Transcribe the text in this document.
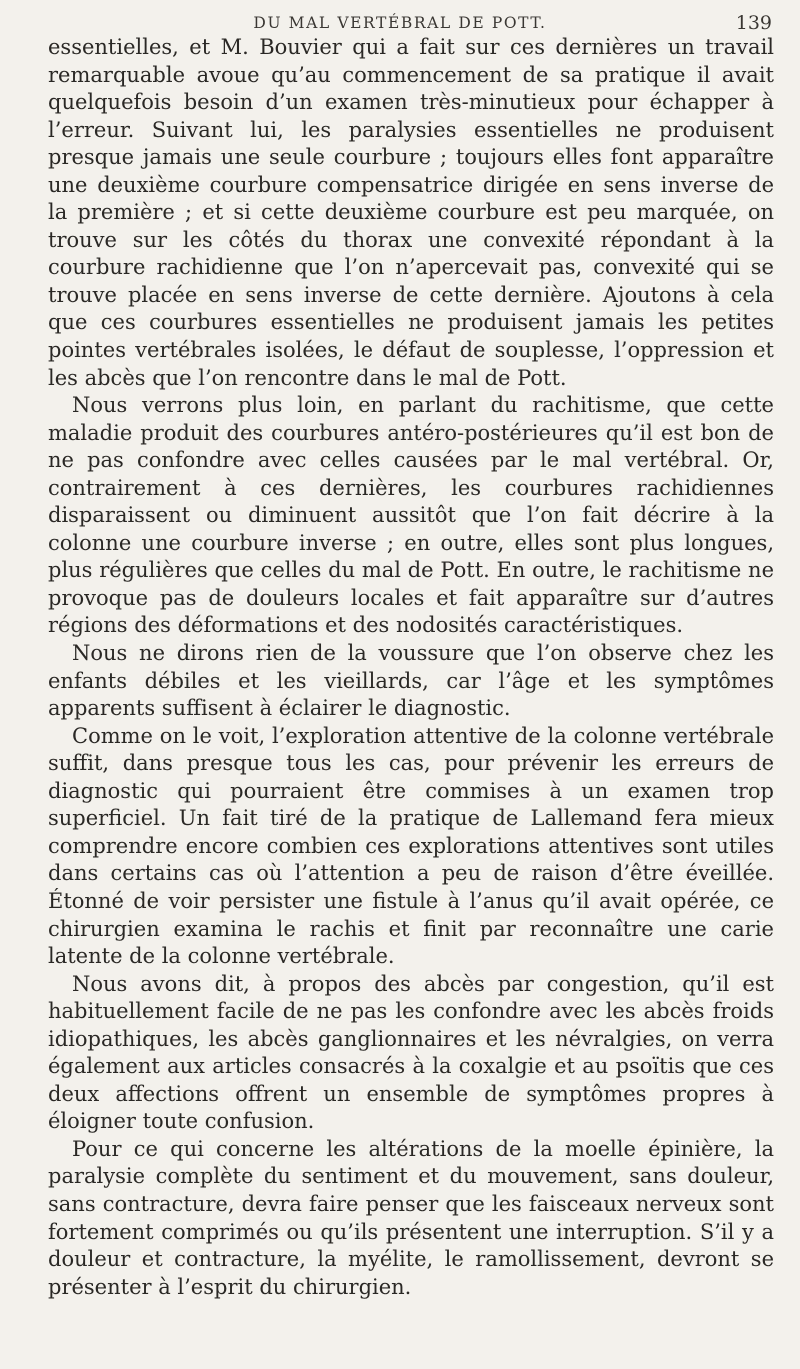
DU MAL VERTÉBRAL DE POTT.	139

essentielles, et M. Bouvier qui a fait sur ces dernières un travail remarquable avoue qu’au commencement de sa pratique il avait quelquefois besoin d’un examen très-minutieux pour échapper à l’erreur. Suivant lui, les paralysies essentielles ne produisent presque jamais une seule courbure ; toujours elles font apparaître une deuxième courbure compensatrice dirigée en sens inverse de la première ; et si cette deuxième courbure est peu marquée, on trouve sur les côtés du thorax une convexité répondant à la courbure rachidienne que l’on n’apercevait pas, convexité qui se trouve placée en sens inverse de cette dernière. Ajoutons à cela que ces courbures essentielles ne produisent jamais les petites pointes vertébrales isolées, le défaut de souplesse, l’oppression et les abcès que l’on rencontre dans le mal de Pott.

Nous verrons plus loin, en parlant du rachitisme, que cette maladie produit des courbures antéro-postérieures qu’il est bon de ne pas confondre avec celles causées par le mal vertébral. Or, contrairement à ces dernières, les courbures rachidiennes disparaissent ou diminuent aussitôt que l’on fait décrire à la colonne une courbure inverse ; en outre, elles sont plus longues, plus régulières que celles du mal de Pott. En outre, le rachitisme ne provoque pas de douleurs locales et fait apparaître sur d’autres régions des déformations et des nodosités caractéristiques.

Nous ne dirons rien de la voussure que l’on observe chez les enfants débiles et les vieillards, car l’âge et les symptômes apparents suffisent à éclairer le diagnostic.

Comme on le voit, l’exploration attentive de la colonne vertébrale suffit, dans presque tous les cas, pour prévenir les erreurs de diagnostic qui pourraient être commises à un examen trop superficiel. Un fait tiré de la pratique de Lallemand fera mieux comprendre encore combien ces explorations attentives sont utiles dans certains cas où l’attention a peu de raison d’être éveillée. Étonné de voir persister une fistule à l’anus qu’il avait opérée, ce chirurgien examina le rachis et finit par reconnaître une carie latente de la colonne vertébrale.

Nous avons dit, à propos des abcès par congestion, qu’il est habituellement facile de ne pas les confondre avec les abcès froids idiopathiques, les abcès ganglionnaires et les névralgies, on verra également aux articles consacrés à la coxalgie et au psoïtis que ces deux affections offrent un ensemble de symptômes propres à éloigner toute confusion.

Pour ce qui concerne les altérations de la moelle épinière, la paralysie complète du sentiment et du mouvement, sans douleur, sans contracture, devra faire penser que les faisceaux nerveux sont fortement comprimés ou qu’ils présentent une interruption. S’il y a douleur et contracture, la myélite, le ramollissement, devront se présenter à l’esprit du chirurgien.
